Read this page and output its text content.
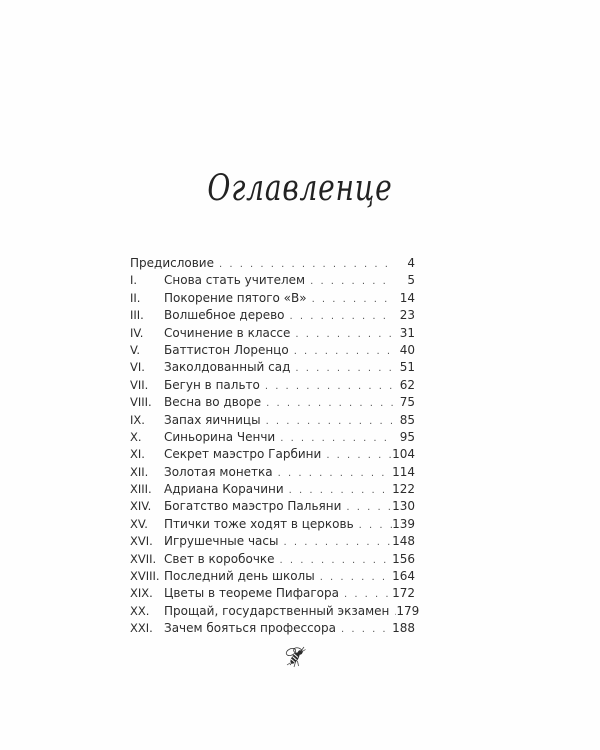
Оглавленце
Предисловие . . .	4
I.	Снова стать учителем . . .	5
II.	Покорение пятого «В» . . .	14
III.	Волшебное дерево . . .	23
IV.	Сочинение в классе . . .	31
V.	Баттистон Лоренцо . . .	40
VI.	Заколдованный сад . . .	51
VII.	Бегун в пальто . . .	62
VIII.	Весна во дворе . . .	75
IX.	Запах яичницы . . .	85
X.	Синьорина Ченчи . . .	95
XI.	Секрет маэстро Гарбини . . .	104
XII.	Золотая монетка . . .	114
XIII.	Адриана Корачини . . .	122
XIV.	Богатство маэстро Пальяни . . .	130
XV.	Птички тоже ходят в церковь . . .	139
XVI. Игрушечные часы . . .	148
XVII. Свет в коробочке . . .	156
XVIII. Последний день школы . . .	164
XIX. Цветы в теореме Пифагора . . .	172
XX.	Прощай, государственный экзамен . . . 179
XXI. Зачем бояться профессора . . .	188
